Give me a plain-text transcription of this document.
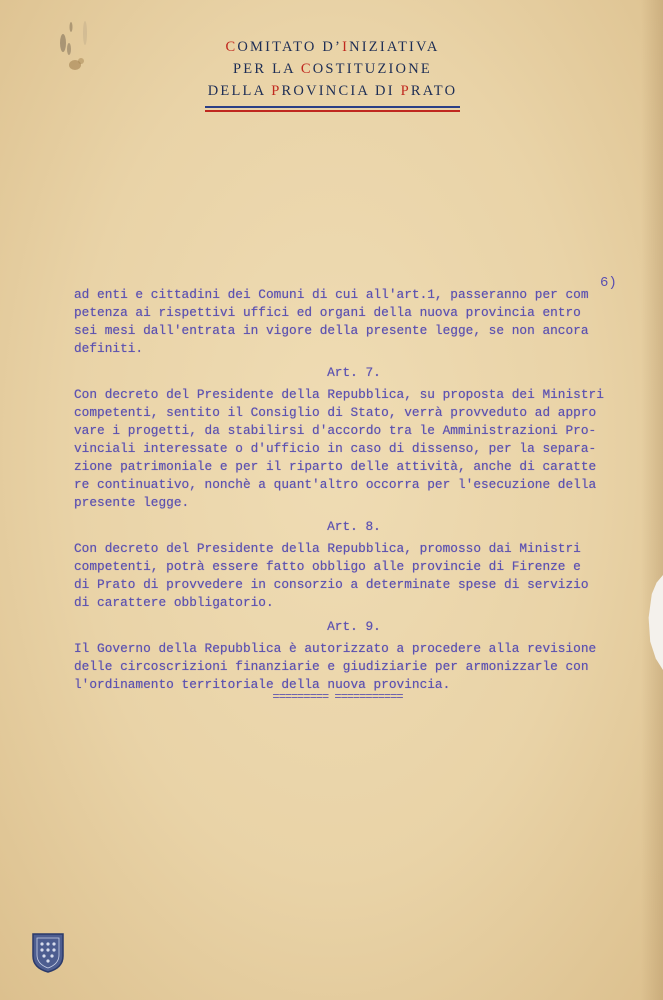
COMITATO D’INIZIATIVA
PER LA COSTITUZIONE
DELLA PROVINCIA DI PRATO
6)

ad enti e cittadini dei Comuni di cui all'art.1, passeranno per com

petenza ai rispettivi uffici ed organi della nuova provincia entro

sei mesi dall'entrata in vigore della presente legge, se non ancora

definiti.

Art. 7.

Con decreto del Presidente della Repubblica, su proposta dei Ministri

competenti, sentito il Consiglio di Stato, verrà provveduto ad appro

vare i progetti, da stabilirsi d'accordo tra le Amministrazioni Pro-

vinciali interessate o d'ufficio in caso di dissenso, per la separa-

zione patrimoniale e per il riparto delle attività, anche di caratte

re continuativo, nonchè a quant'altro occorra per l'esecuzione della

presente legge.

Art. 8.

Con decreto del Presidente della Repubblica, promosso dai Ministri

competenti, potrà essere fatto obbligo alle provincie di Firenze e

di Prato di provvedere in consorzio a determinate spese di servizio

di carattere obbligatorio.

Art. 9.

Il Governo della Repubblica è autorizzato a procedere alla revisione

delle circoscrizioni finanziarie e giudiziarie per armonizzarle con

l'ordinamento territoriale della nuova provincia.

========= ===========
